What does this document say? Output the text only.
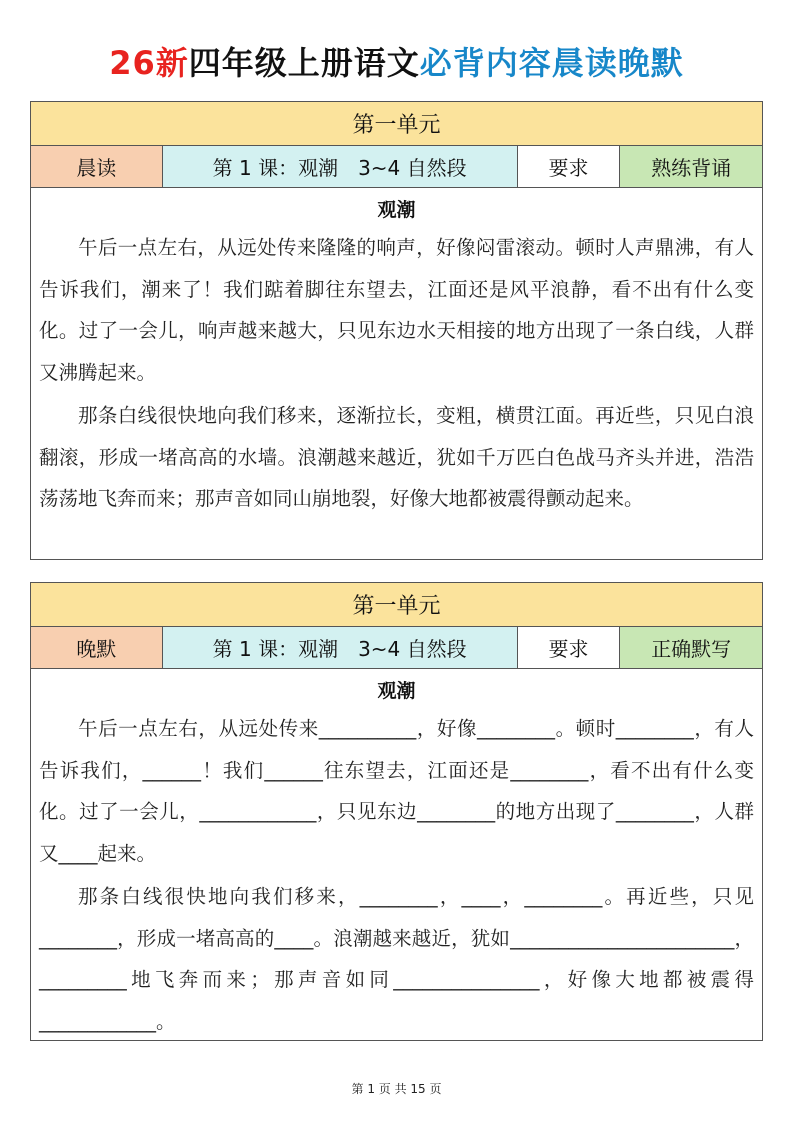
26新四年级上册语文必背内容晨读晚默
第一单元
晨读	第 1 课：观潮　3~4 自然段	要求	熟练背诵
观潮

午后一点左右，从远处传来隆隆的响声，好像闷雷滚动。顿时人声鼎沸，有人告诉我们，潮来了！我们踮着脚往东望去，江面还是风平浪静，看不出有什么变化。过了一会儿，响声越来越大，只见东边水天相接的地方出现了一条白线，人群又沸腾起来。

那条白线很快地向我们移来，逐渐拉长，变粗，横贯江面。再近些，只见白浪翻滚，形成一堵高高的水墙。浪潮越来越近，犹如千万匹白色战马齐头并进，浩浩荡荡地飞奔而来；那声音如同山崩地裂，好像大地都被震得颤动起来。

第一单元
晚默	第 1 课：观潮　3~4 自然段	要求	正确默写
观潮

午后一点左右，从远处传来__________，好像________。顿时________，有人告诉我们，______！我们______往东望去，江面还是________，看不出有什么变化。过了一会儿，____________，只见东边________的地方出现了________，人群又____起来。

那条白线很快地向我们移来，________，____，________。再近些，只见________，形成一堵高高的____。浪潮越来越近，犹如_______________________，_________地飞奔而来；那声音如同_______________，好像大地都被震得____________。

第 1 页 共 15 页
